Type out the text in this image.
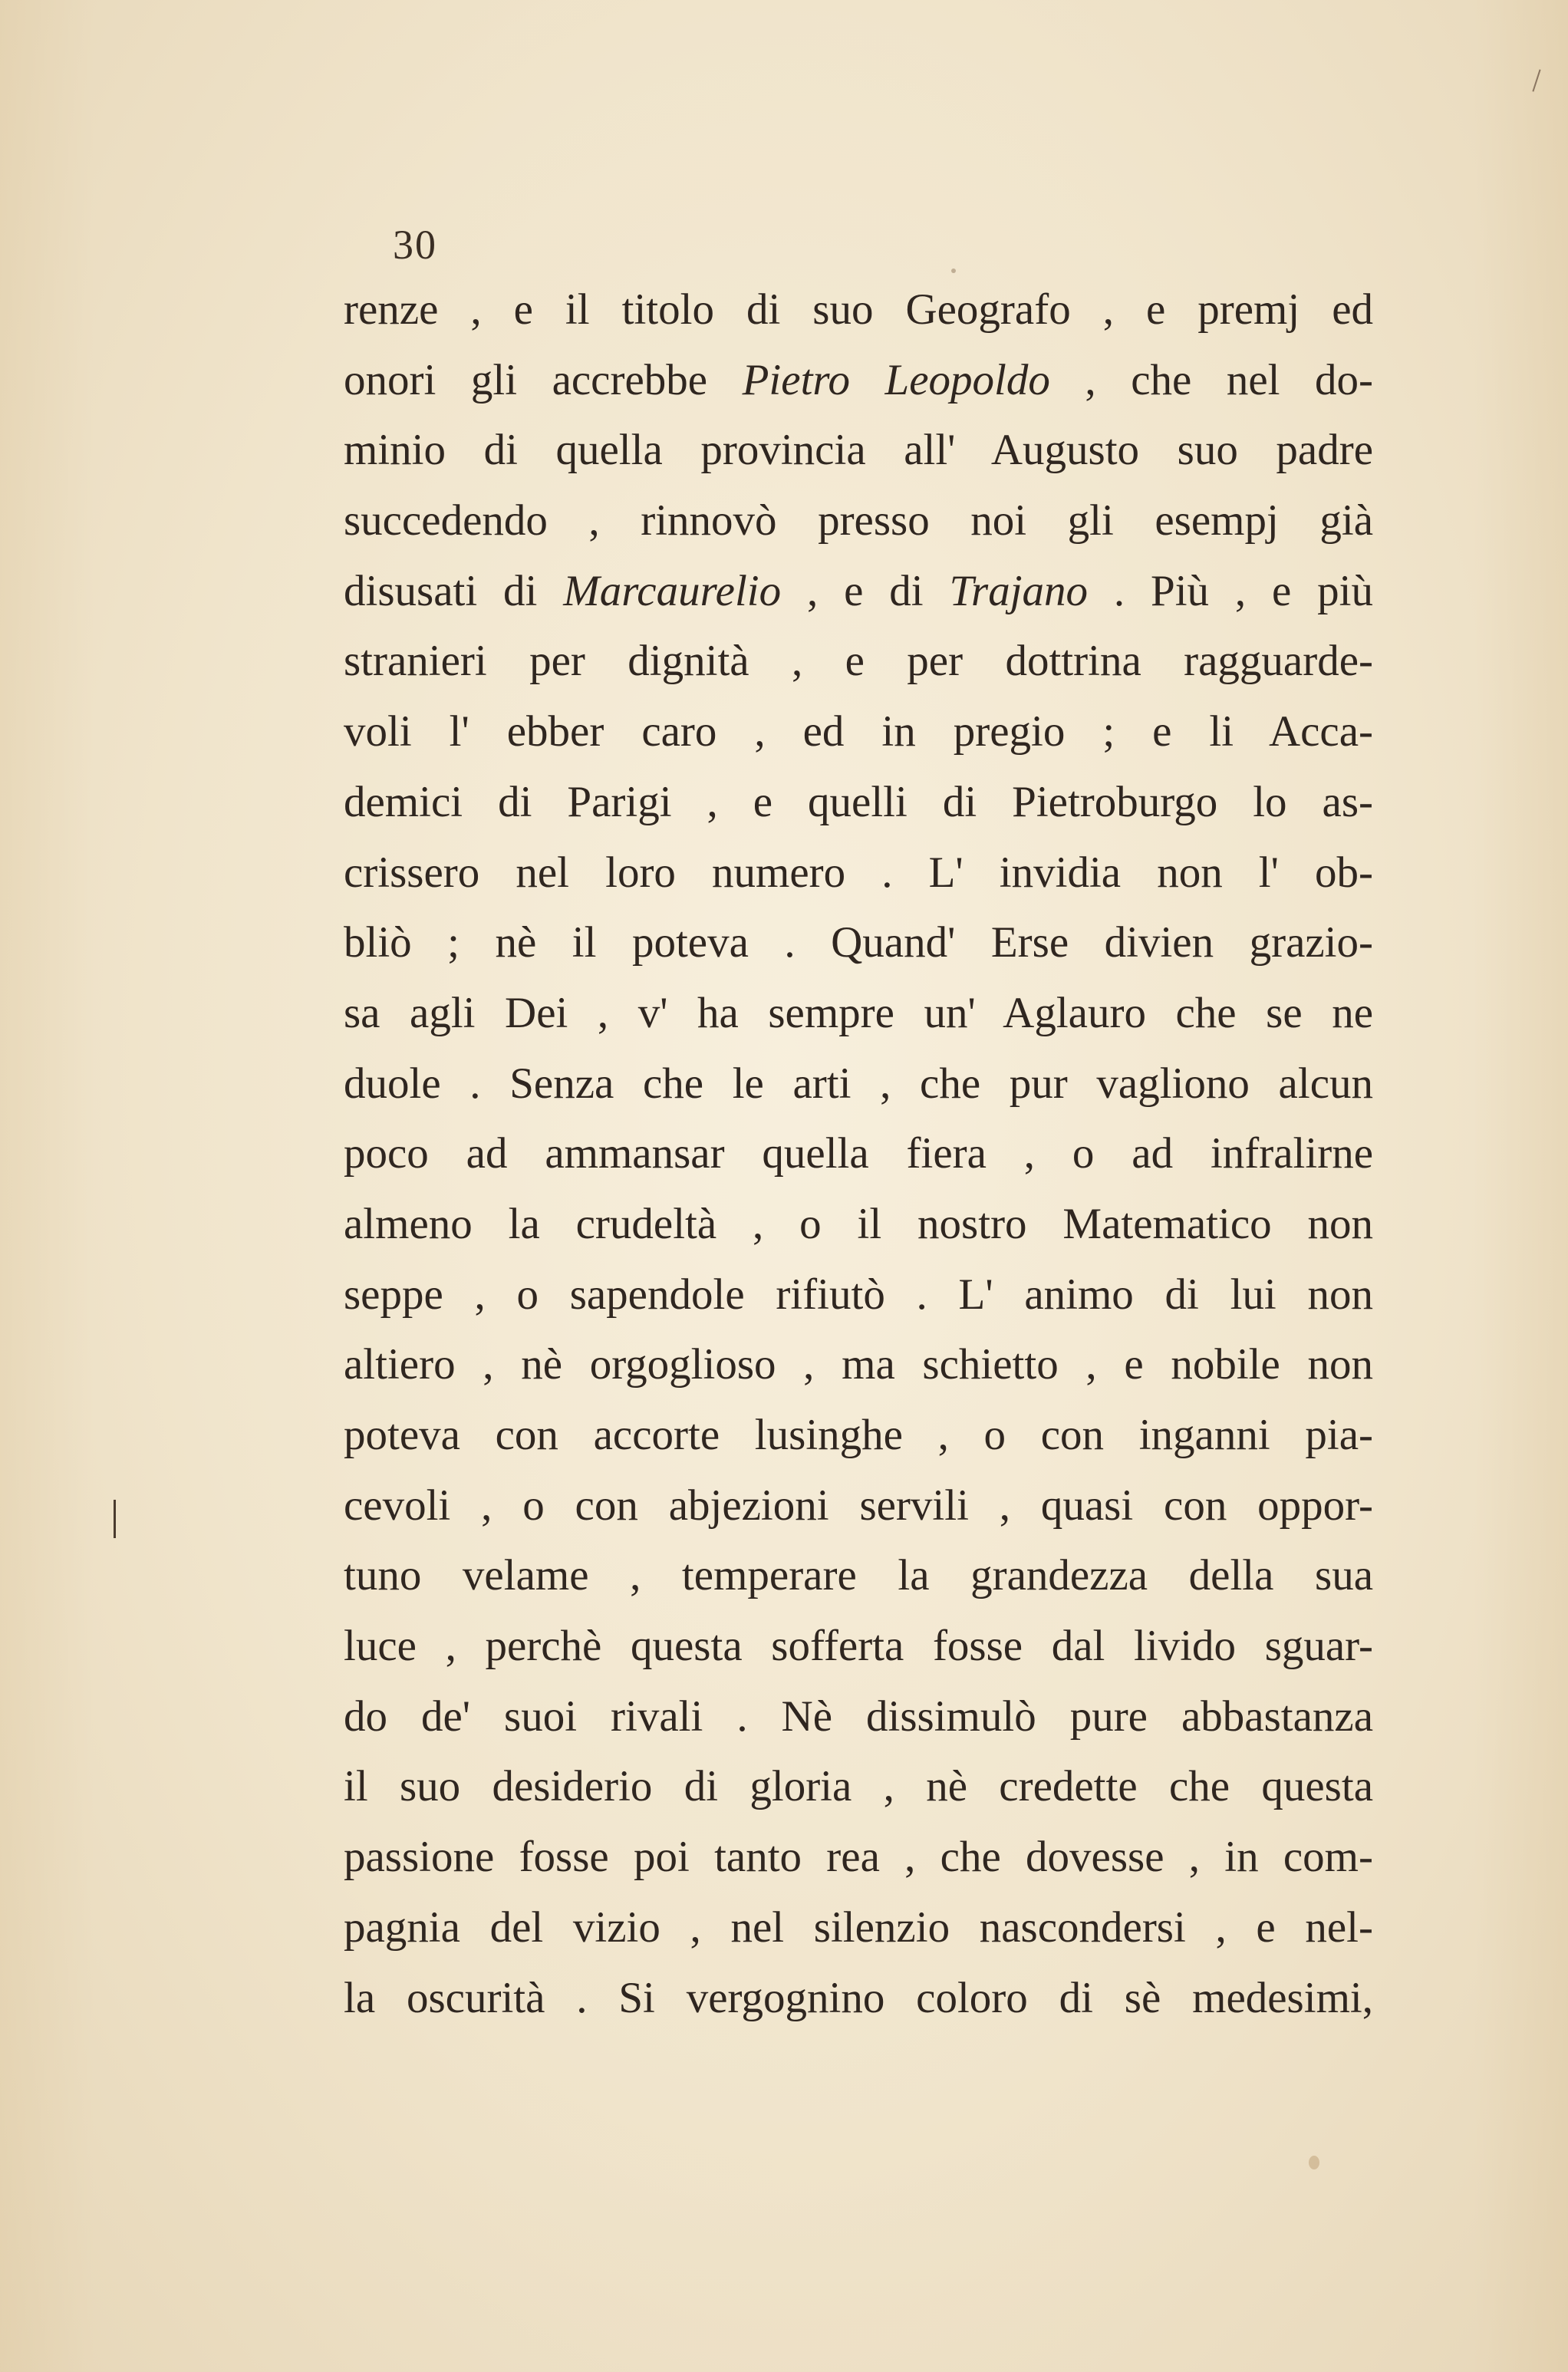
30
renze , e il titolo di suo Geografo , e premj ed
onori gli accrebbe Pietro Leopoldo , che nel do-
minio di quella provincia all' Augusto suo padre
succedendo , rinnovò presso noi gli esempj già
disusati di Marcaurelio , e di Trajano . Più , e più
stranieri per dignità , e per dottrina ragguarde-
voli l' ebber caro , ed in pregio ; e li Acca-
demici di Parigi , e quelli di Pietroburgo lo as-
crissero nel loro numero . L' invidia non l' ob-
bliò ; nè il poteva . Quand' Erse divien grazio-
sa agli Dei , v' ha sempre un' Aglauro che se ne
duole . Senza che le arti , che pur vagliono alcun
poco ad ammansar quella fiera , o ad infralirne
almeno la crudeltà , o il nostro Matematico non
seppe , o sapendole rifiutò . L' animo di lui non
altiero , nè orgoglioso , ma schietto , e nobile non
poteva con accorte lusinghe , o con inganni pia-
cevoli , o con abjezioni servili , quasi con oppor-
tuno velame , temperare la grandezza della sua
luce , perchè questa sofferta fosse dal livido sguar-
do de' suoi rivali . Nè dissimulò pure abbastanza
il suo desiderio di gloria , nè credette che questa
passione fosse poi tanto rea , che dovesse , in com-
pagnia del vizio , nel silenzio nascondersi , e nel-
la oscurità . Si vergognino coloro di sè medesimi,
